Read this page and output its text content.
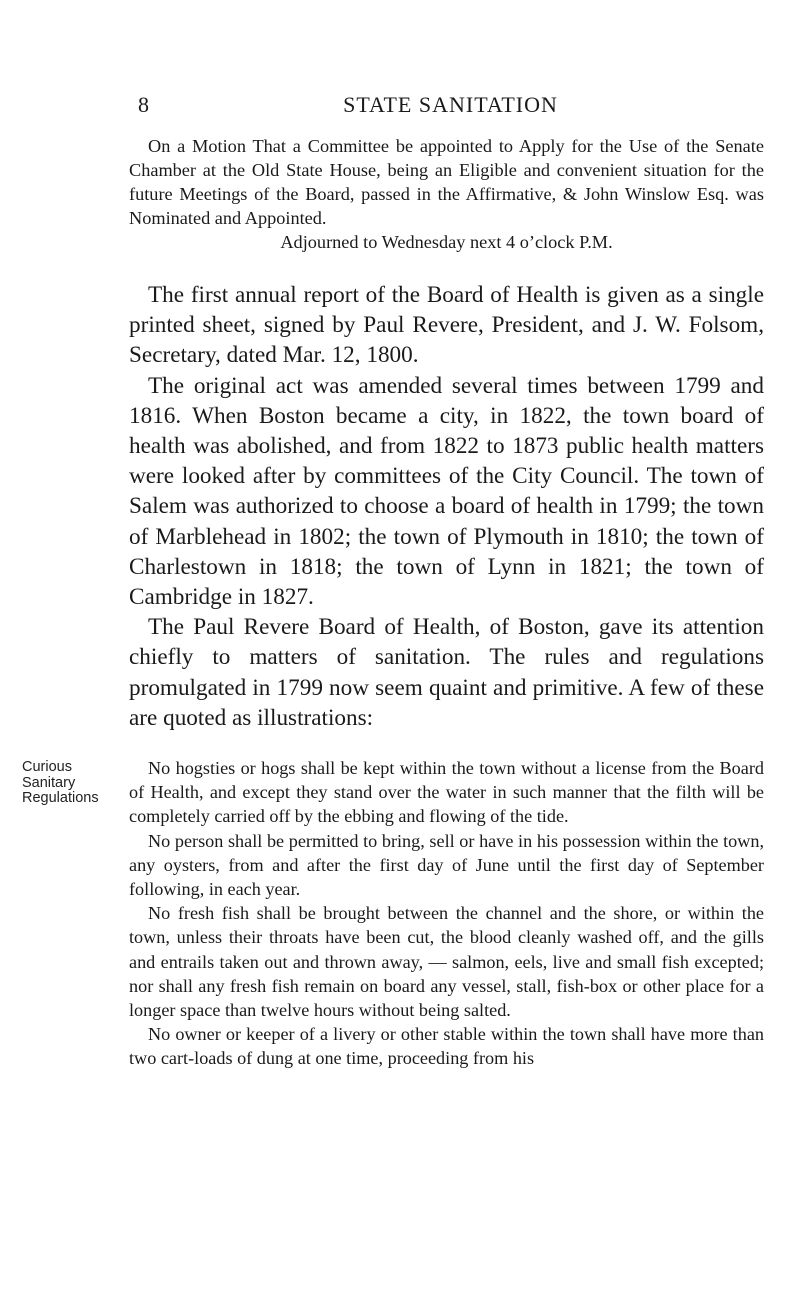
8	STATE SANITATION

On a Motion That a Committee be appointed to Apply for the Use of the Senate Chamber at the Old State House, being an Eligible and convenient situation for the future Meetings of the Board, passed in the Affirmative, & John Winslow Esq. was Nominated and Appointed.

Adjourned to Wednesday next 4 o’clock P.M.

The first annual report of the Board of Health is given as a single printed sheet, signed by Paul Revere, President, and J. W. Folsom, Secretary, dated Mar. 12, 1800.

The original act was amended several times between 1799 and 1816. When Boston became a city, in 1822, the town board of health was abolished, and from 1822 to 1873 public health matters were looked after by committees of the City Council. The town of Salem was authorized to choose a board of health in 1799; the town of Marblehead in 1802; the town of Plymouth in 1810; the town of Charlestown in 1818; the town of Lynn in 1821; the town of Cambridge in 1827.

The Paul Revere Board of Health, of Boston, gave its attention chiefly to matters of sanitation. The rules and regulations promulgated in 1799 now seem quaint and primitive. A few of these are quoted as illustrations:

Curious
Sanitary
Regulations

No hogsties or hogs shall be kept within the town without a license from the Board of Health, and except they stand over the water in such manner that the filth will be completely carried off by the ebbing and flowing of the tide.

No person shall be permitted to bring, sell or have in his possession within the town, any oysters, from and after the first day of June until the first day of September following, in each year.

No fresh fish shall be brought between the channel and the shore, or within the town, unless their throats have been cut, the blood cleanly washed off, and the gills and entrails taken out and thrown away, — salmon, eels, live and small fish excepted; nor shall any fresh fish remain on board any vessel, stall, fish-box or other place for a longer space than twelve hours without being salted.

No owner or keeper of a livery or other stable within the town shall have more than two cart-loads of dung at one time, proceeding from his
